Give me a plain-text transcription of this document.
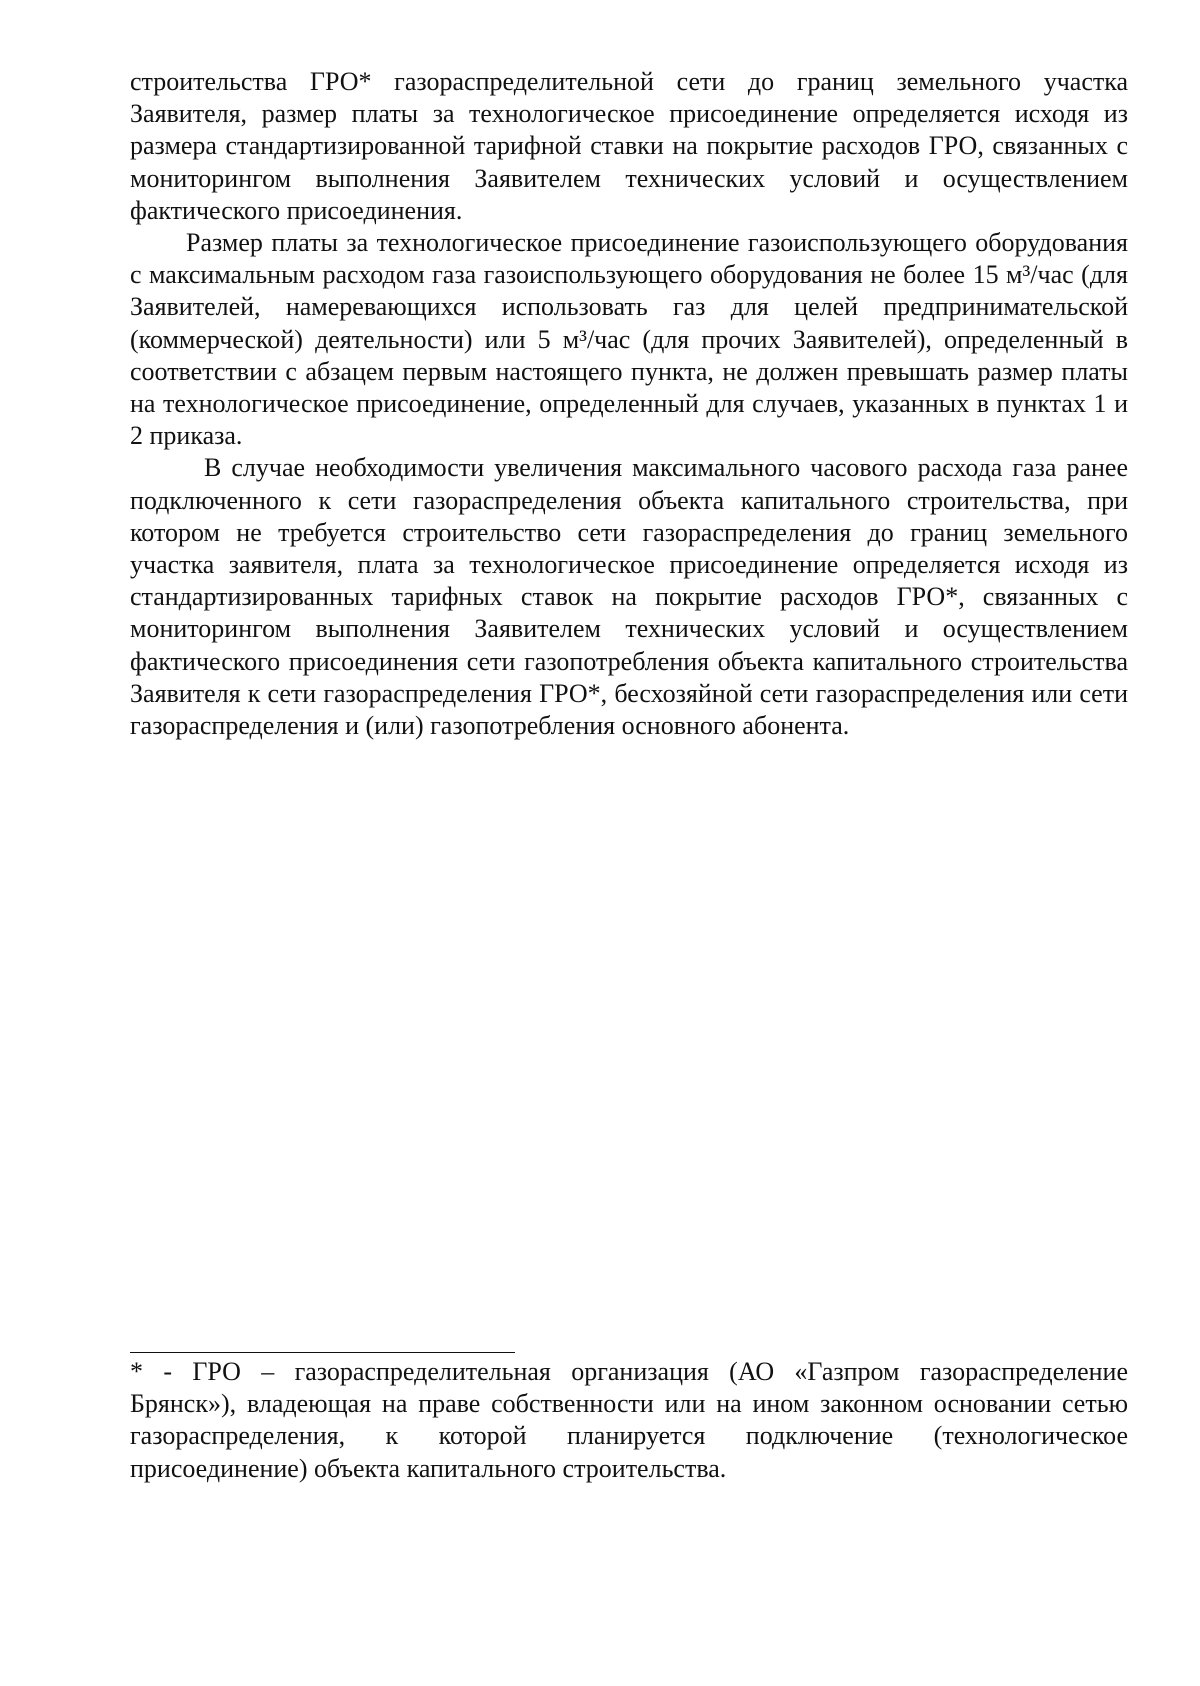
строительства ГРО* газораспределительной сети до границ земельного участка Заявителя, размер платы за технологическое присоединение определяется исходя из размера стандартизированной тарифной ставки на покрытие расходов ГРО, связанных с мониторингом выполнения Заявителем технических условий и осуществлением фактического присоединения.

Размер платы за технологическое присоединение газоиспользующего оборудования с максимальным расходом газа газоиспользующего оборудования не более 15 м³/час (для Заявителей, намеревающихся использовать газ для целей предпринимательской (коммерческой) деятельности) или 5 м³/час (для прочих Заявителей), определенный в соответствии с абзацем первым настоящего пункта, не должен превышать размер платы на технологическое присоединение, определенный для случаев, указанных в пунктах 1 и 2 приказа.

В случае необходимости увеличения максимального часового расхода газа ранее подключенного к сети газораспределения объекта капитального строительства, при котором не требуется строительство сети газораспределения до границ земельного участка заявителя, плата за технологическое присоединение определяется исходя из стандартизированных тарифных ставок на покрытие расходов ГРО*, связанных с мониторингом выполнения Заявителем технических условий и осуществлением фактического присоединения сети газопотребления объекта капитального строительства Заявителя к сети газораспределения ГРО*, бесхозяйной сети газораспределения или сети газораспределения и (или) газопотребления основного абонента.

* - ГРО – газораспределительная организация (АО «Газпром газораспределение Брянск»), владеющая на праве собственности или на ином законном основании сетью газораспределения, к которой планируется подключение (технологическое присоединение) объекта капитального строительства.
